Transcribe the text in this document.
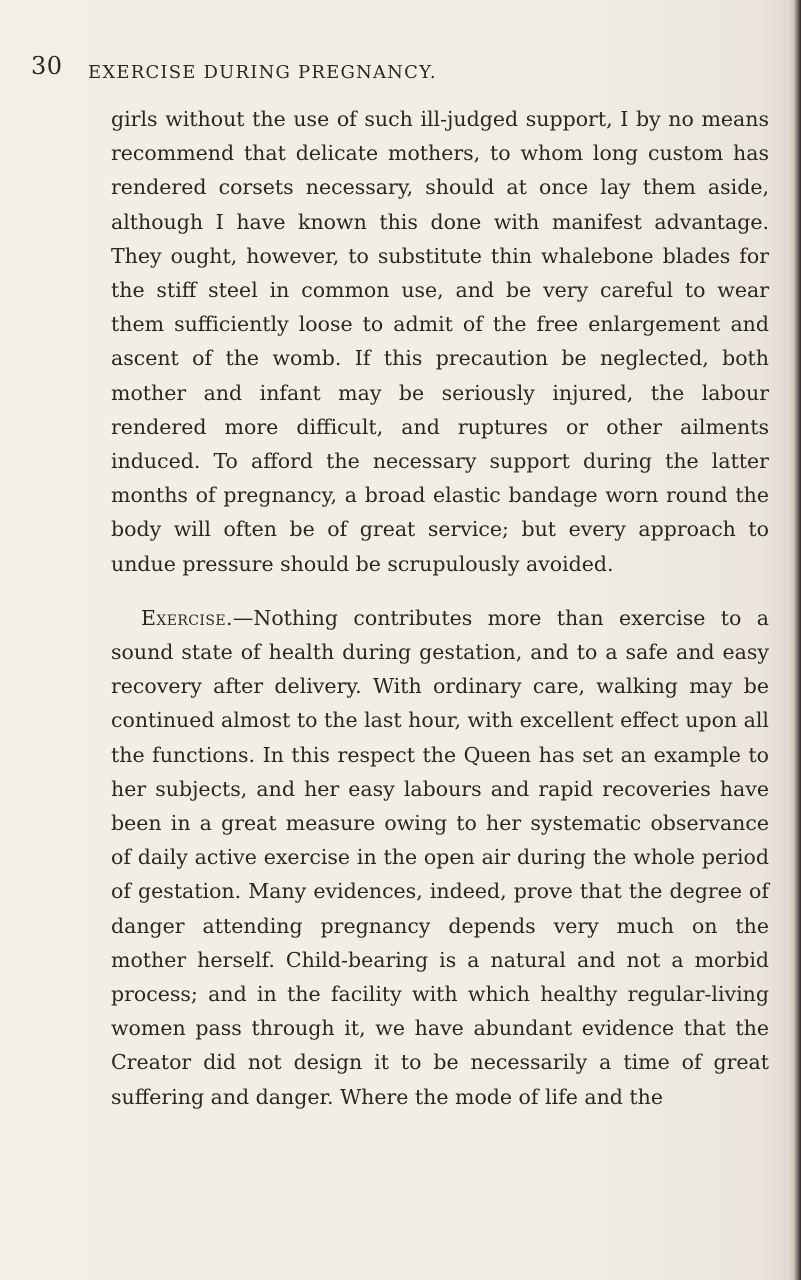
30 EXERCISE DURING PREGNANCY.

girls without the use of such ill-judged support, I by no means recommend that delicate mothers, to whom long custom has rendered corsets necessary, should at once lay them aside, although I have known this done with manifest advantage. They ought, however, to substitute thin whalebone blades for the stiff steel in common use, and be very careful to wear them sufficiently loose to admit of the free enlargement and ascent of the womb. If this precaution be neglected, both mother and infant may be seriously injured, the labour rendered more difficult, and ruptures or other ailments induced. To afford the necessary support during the latter months of pregnancy, a broad elastic bandage worn round the body will often be of great service; but every approach to undue pressure should be scrupulously avoided.

Exercise.—Nothing contributes more than exercise to a sound state of health during gestation, and to a safe and easy recovery after delivery. With ordinary care, walking may be continued almost to the last hour, with excellent effect upon all the functions. In this respect the Queen has set an example to her subjects, and her easy labours and rapid recoveries have been in a great measure owing to her systematic observance of daily active exercise in the open air during the whole period of gestation. Many evidences, indeed, prove that the degree of danger attending pregnancy depends very much on the mother herself. Child-bearing is a natural and not a morbid process; and in the facility with which healthy regular-living women pass through it, we have abundant evidence that the Creator did not design it to be necessarily a time of great suffering and danger. Where the mode of life and the
